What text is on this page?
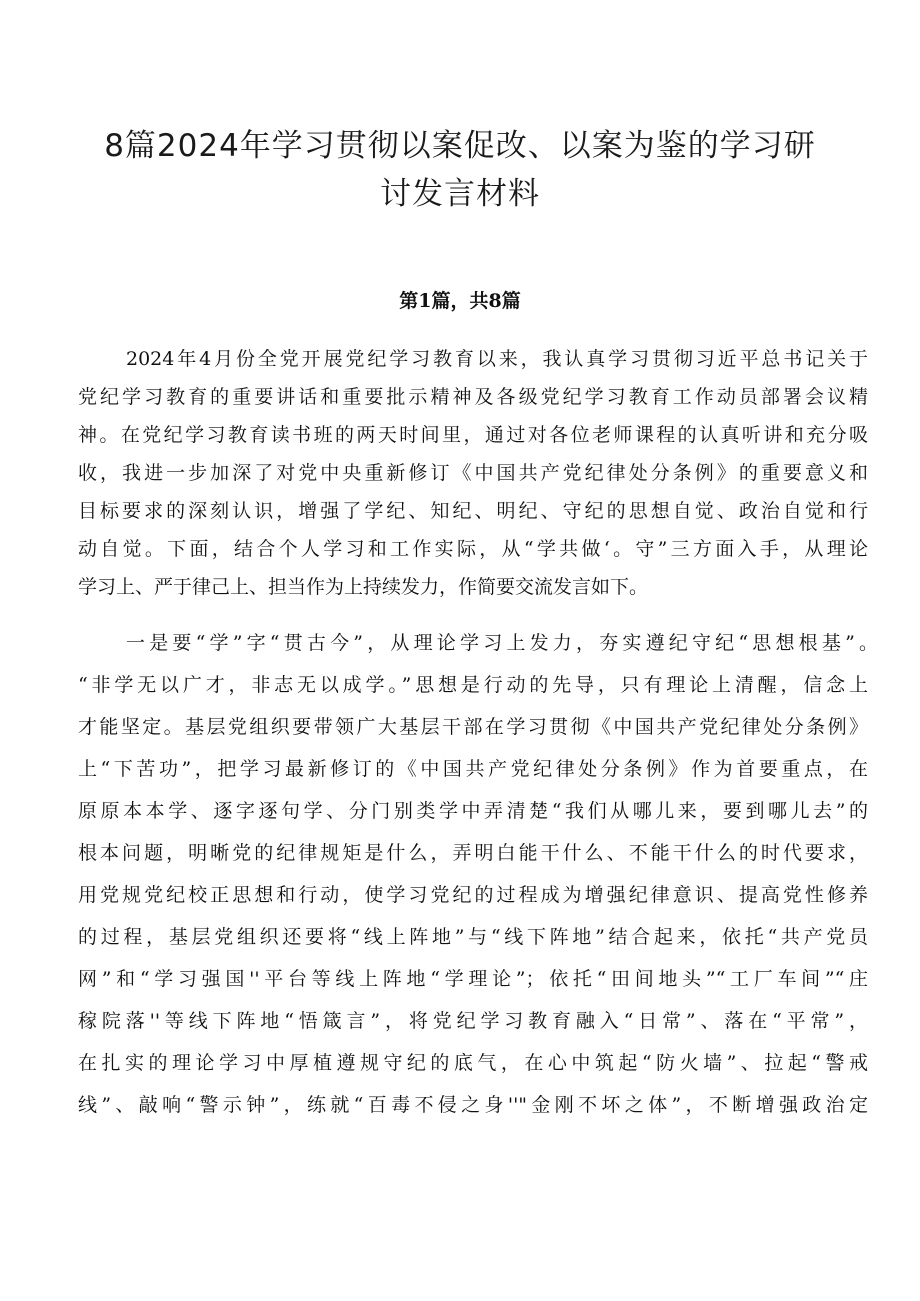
8篇2024年学习贯彻以案促改、以案为鉴的学习研
讨发言材料
第1篇，共8篇
2024年4月份全党开展党纪学习教育以来，我认真学习贯彻习近平总书记关于
党纪学习教育的重要讲话和重要批示精神及各级党纪学习教育工作动员部署会议精
神。在党纪学习教育读书班的两天时间里，通过对各位老师课程的认真听讲和充分吸
收，我进一步加深了对党中央重新修订《中国共产党纪律处分条例》的重要意义和
目标要求的深刻认识，增强了学纪、知纪、明纪、守纪的思想自觉、政治自觉和行
动自觉。下面，结合个人学习和工作实际，从“学共做‘。守”三方面入手，从理论
学习上、严于律己上、担当作为上持续发力，作简要交流发言如下。
一是要“学”字“贯古今”，从理论学习上发力，夯实遵纪守纪“思想根基”。
“非学无以广才，非志无以成学。”思想是行动的先导，只有理论上清醒，信念上
才能坚定。基层党组织要带领广大基层干部在学习贯彻《中国共产党纪律处分条例》
上“下苦功”，把学习最新修订的《中国共产党纪律处分条例》作为首要重点，在
原原本本学、逐字逐句学、分门别类学中弄清楚“我们从哪儿来，要到哪儿去”的
根本问题，明晰党的纪律规矩是什么，弄明白能干什么、不能干什么的时代要求，
用党规党纪校正思想和行动，使学习党纪的过程成为增强纪律意识、提高党性修养
的过程，基层党组织还要将“线上阵地”与“线下阵地”结合起来，依托“共产党员
网”和“学习强国''平台等线上阵地“学理论”；依托“田间地头”“工厂车间”“庄
稼院落''等线下阵地“悟箴言”，将党纪学习教育融入“日常”、落在“平常”，
在扎实的理论学习中厚植遵规守纪的底气，在心中筑起“防火墙”、拉起“警戒
线”、敲响“警示钟”，练就“百毒不侵之身''"金刚不坏之体”，不断增强政治定
